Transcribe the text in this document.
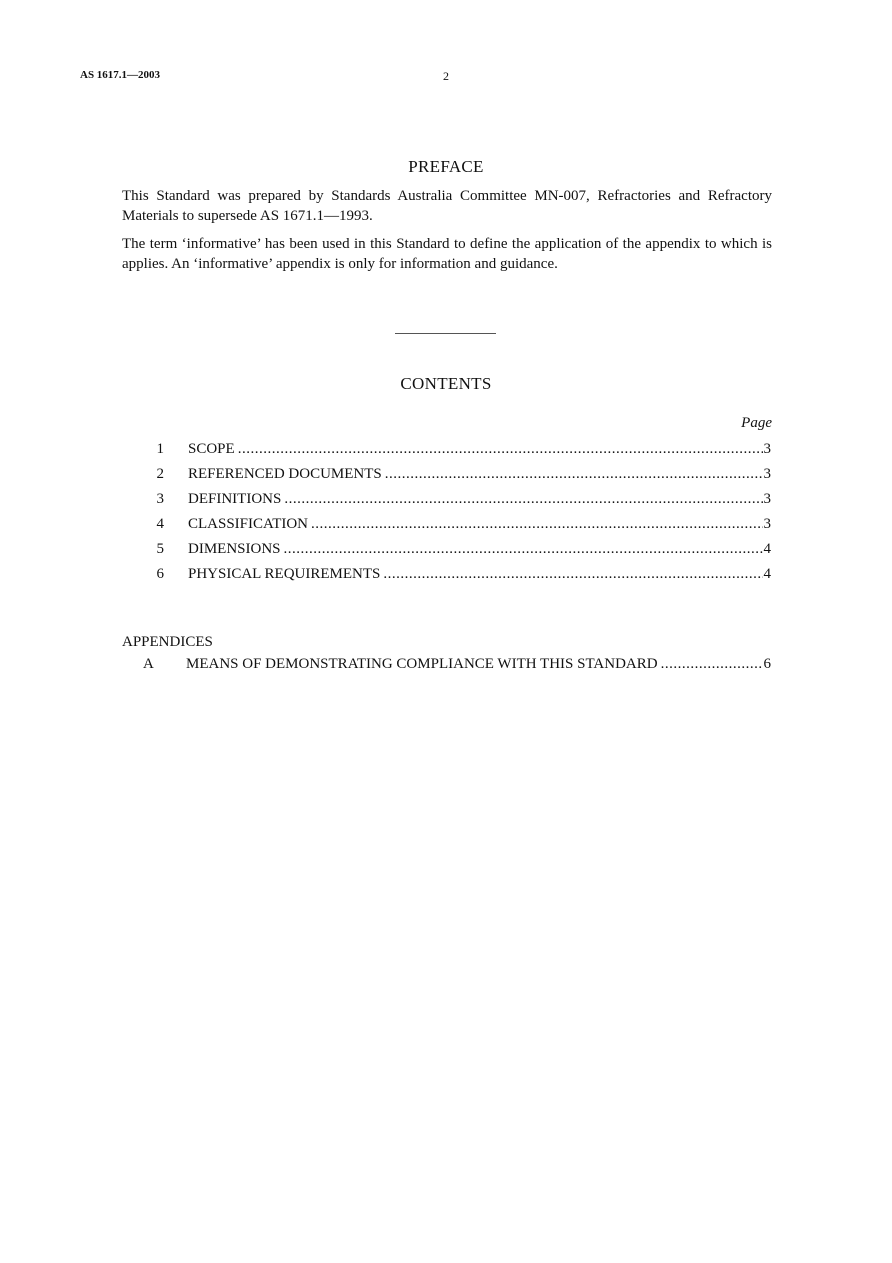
AS 1617.1—2003	2
PREFACE
This Standard was prepared by Standards Australia Committee MN-007, Refractories and Refractory Materials to supersede AS 1671.1—1993.
The term ‘informative’ has been used in this Standard to define the application of the appendix to which is applies. An ‘informative’ appendix is only for information and guidance.
CONTENTS
Page
1 SCOPE .....	3
2 REFERENCED DOCUMENTS .....	3
3 DEFINITIONS .....	3
4 CLASSIFICATION .....	3
5 DIMENSIONS .....	4
6 PHYSICAL REQUIREMENTS .....	4
APPENDICES
A MEANS OF DEMONSTRATING COMPLIANCE WITH THIS STANDARD .....	6
